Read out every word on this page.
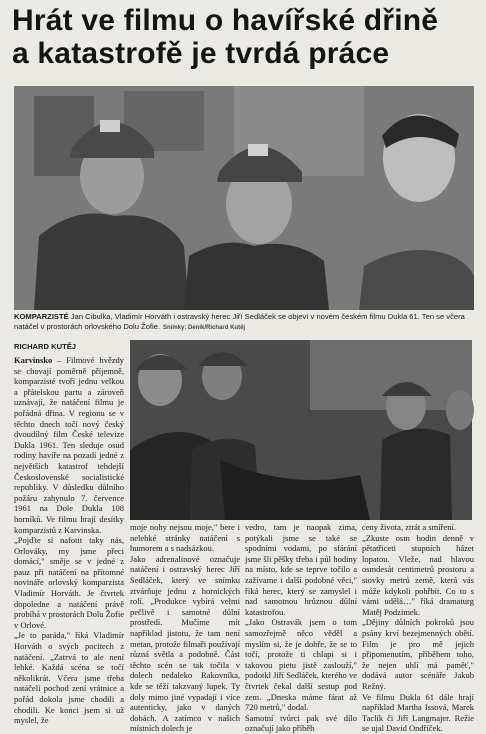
Hrát ve filmu o havířské dřině
a katastrofě je tvrdá práce
KOMPARZISTÉ Jan Cibulka, Vladimír Horváth i ostravský herec Jiří Sedláček se objeví v novém českém filmu Dukla 61. Ten se včera natáčel v prostorách orlovského Dolu Žofie. Snímky: Deník/Richard Kutěj
RICHARD KUTĚJ
Karvinsko – Filmové hvězdy se chovají poměrně příjemně, komparzisté tvoří jednu velkou a přátelskou partu a zároveň uznávají, že natáčení filmu je pořádná dřina. V regionu se v těchto dnech točí nový český dvoudílný film České televize Dukla 1961. Ten sleduje osud rodiny havíře na pozadí jedné z největších katastrof tehdejší Československé socialistické republiky. V důsledku důlního požáru zahynulo 7. července 1961 na Dole Dukla 108 horníků. Ve filmu hrají desítky komparzistů z Karvinska.
„Pojďte si nafotit taky nás, Orlováky, my jsme přeci domácí," směje se v jedné z pauz při natáčení na přítomné novináře orlovský komparzista Vladimír Horváth. Je čtvrtek dopoledne a natáčení právě probíhá v prostorách Dolu Žofie v Orlové.
„Je to paráda," říká Vladimír Horváth o svých pocitech z natáčení. „Zatrvá to ale není lehké. Každá scéna se točí několikrát. Včera jsme třeba natáčeli pochod zení vrátnice a pořád dokola jsme chodili a chodili. Ke konci jsem si už myslel, že
moje nohy nejsou moje," bere i nelehké stránky natáčení s humorem a s nadsázkou.
Jako adrenalinové označuje natáčení i ostravský herec Jiří Sedláček, který ve snímku ztvárňuje jednu z hornických rolí. „Produkce vybírá velmi pečlivě i samotné důlní prostředí. Mučíme mít například jistotu, že tam není metan, protože filmaři používají různá světla a podobně. Část těchto scén se tak točila v dolech nedaleko Rakovníka, kde se těží takzvaný lupek. Ty doly mimo jiné vypadají i více autenticky, jako v daných dobách. A zatímco v našich místních dolech je
vedro, tam je naopak zima, potýkali jsme se také se spodními vodami, po sfárání jsme šli pěšky třeba i půl hodiny na místo, kde se teprve točilo a zažívame i další podobné věci," říká herec, který se zamyslel i nad samotnou hrůznou důlní katastrofou.
„Jako Ostravák jsem o tom samozřejmě něco věděl a myslím si, že je dobře, že se to točí, protože ti chlapi si i takovou pietu jistě zaslouží," podotkl Jiří Sedláček, kterého ve čtvrtek čekal další sestup pod zem. „Dneska máme fárat až 720 metrů," dodal.
Samotní tvůrci pak své dílo označují jako příběh
ceny života, ztrát a smíření.
„Zkuste osm hodin denně v pětatřiceti stupních házet lopatou. Vleže, nad hlavou osmdesát centimetrů prostoru a stovky metrů země, která vás může kdykoli pohřbít. Co to s vámi udělá…" říká dramaturg Matěj Podzimek.
„Dějiny důlních pokroků jsou psány krví bezejmenných obětí. Film je pro mě jejich připomenutím, příběhem toho, že nejen uhlí má paměť," dodává autor scénáře Jakub Režný.
Ve filmu Dukla 61 dále hrají například Martha Issová, Marek Taclík či Jiří Langmajer. Režie se ujal David Ondříček.
